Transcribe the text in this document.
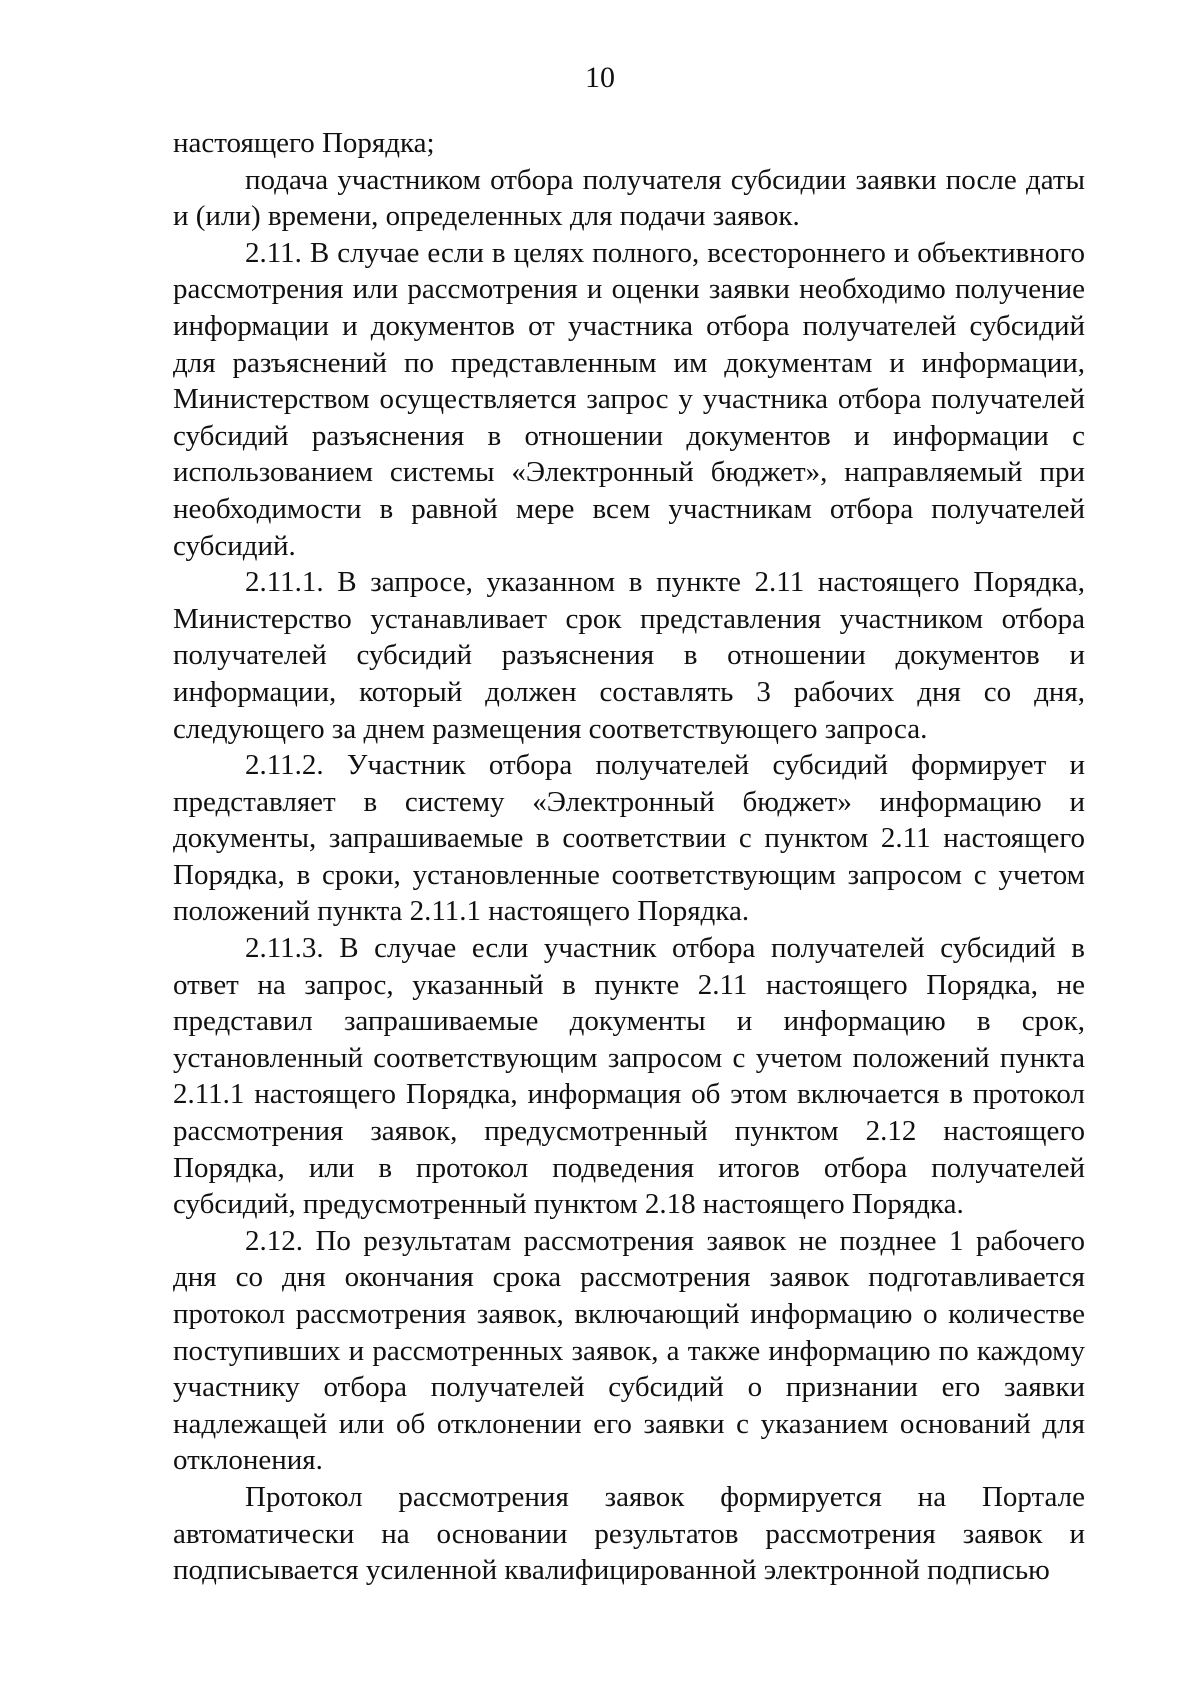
10

настоящего Порядка;

подача участником отбора получателя субсидии заявки после даты и (или) времени, определенных для подачи заявок.

2.11. В случае если в целях полного, всестороннего и объективного рассмотрения или рассмотрения и оценки заявки необходимо получение информации и документов от участника отбора получателей субсидий для разъяснений по представленным им документам и информации, Министерством осуществляется запрос у участника отбора получателей субсидий разъяснения в отношении документов и информации с использованием системы «Электронный бюджет», направляемый при необходимости в равной мере всем участникам отбора получателей субсидий.

2.11.1. В запросе, указанном в пункте 2.11 настоящего Порядка, Министерство устанавливает срок представления участником отбора получателей субсидий разъяснения в отношении документов и информации, который должен составлять 3 рабочих дня со дня, следующего за днем размещения соответствующего запроса.

2.11.2. Участник отбора получателей субсидий формирует и представляет в систему «Электронный бюджет» информацию и документы, запрашиваемые в соответствии с пунктом 2.11 настоящего Порядка, в сроки, установленные соответствующим запросом с учетом положений пункта 2.11.1 настоящего Порядка.

2.11.3. В случае если участник отбора получателей субсидий в ответ на запрос, указанный в пункте 2.11 настоящего Порядка, не представил запрашиваемые документы и информацию в срок, установленный соответствующим запросом с учетом положений пункта 2.11.1 настоящего Порядка, информация об этом включается в протокол рассмотрения заявок, предусмотренный пунктом 2.12 настоящего Порядка, или в протокол подведения итогов отбора получателей субсидий, предусмотренный пунктом 2.18 настоящего Порядка.

2.12. По результатам рассмотрения заявок не позднее 1 рабочего дня со дня окончания срока рассмотрения заявок подготавливается протокол рассмотрения заявок, включающий информацию о количестве поступивших и рассмотренных заявок, а также информацию по каждому участнику отбора получателей субсидий о признании его заявки надлежащей или об отклонении его заявки с указанием оснований для отклонения.

Протокол рассмотрения заявок формируется на Портале автоматически на основании результатов рассмотрения заявок и подписывается усиленной квалифицированной электронной подписью
